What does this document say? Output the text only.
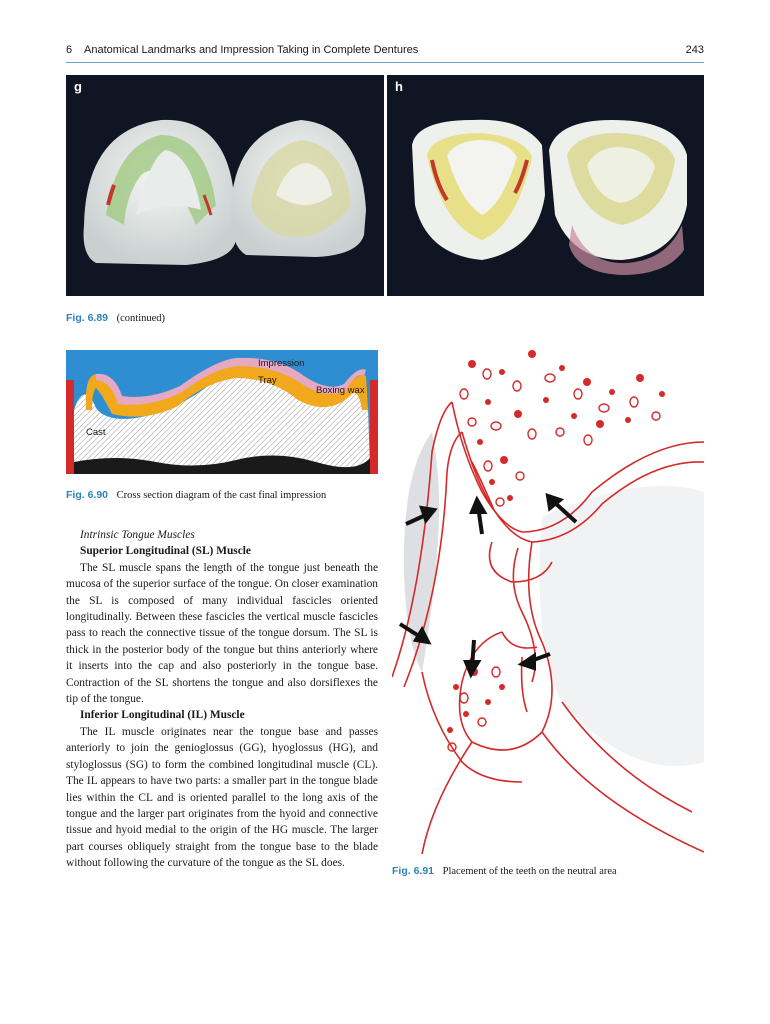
6 Anatomical Landmarks and Impression Taking in Complete Dentures	243
g	h
Fig. 6.89 (continued)
Impression
Tray
Boxing wax
Cast
Fig. 6.90 Cross section diagram of the cast final impression

Intrinsic Tongue Muscles

Superior Longitudinal (SL) Muscle

The SL muscle spans the length of the tongue just beneath the mucosa of the superior surface of the tongue. On closer examination the SL is composed of many individual fascicles oriented longitudinally. Between these fascicles the vertical muscle fascicles pass to reach the connective tissue of the tongue dorsum. The SL is thick in the posterior body of the tongue but thins anteriorly where it inserts into the cap and also posteriorly in the tongue base. Contraction of the SL shortens the tongue and also dorsiflexes the tip of the tongue.

Inferior Longitudinal (IL) Muscle

The IL muscle originates near the tongue base and passes anteriorly to join the genioglossus (GG), hyoglossus (HG), and styloglossus (SG) to form the combined longitudinal muscle (CL). The IL appears to have two parts: a smaller part in the tongue blade lies within the CL and is oriented parallel to the long axis of the tongue and the larger part originates from the hyoid and connective tissue and hyoid medial to the origin of the HG muscle. The larger part courses obliquely straight from the tongue base to the blade without following the curvature of the tongue as the SL does.

Fig. 6.91 Placement of the teeth on the neutral area
